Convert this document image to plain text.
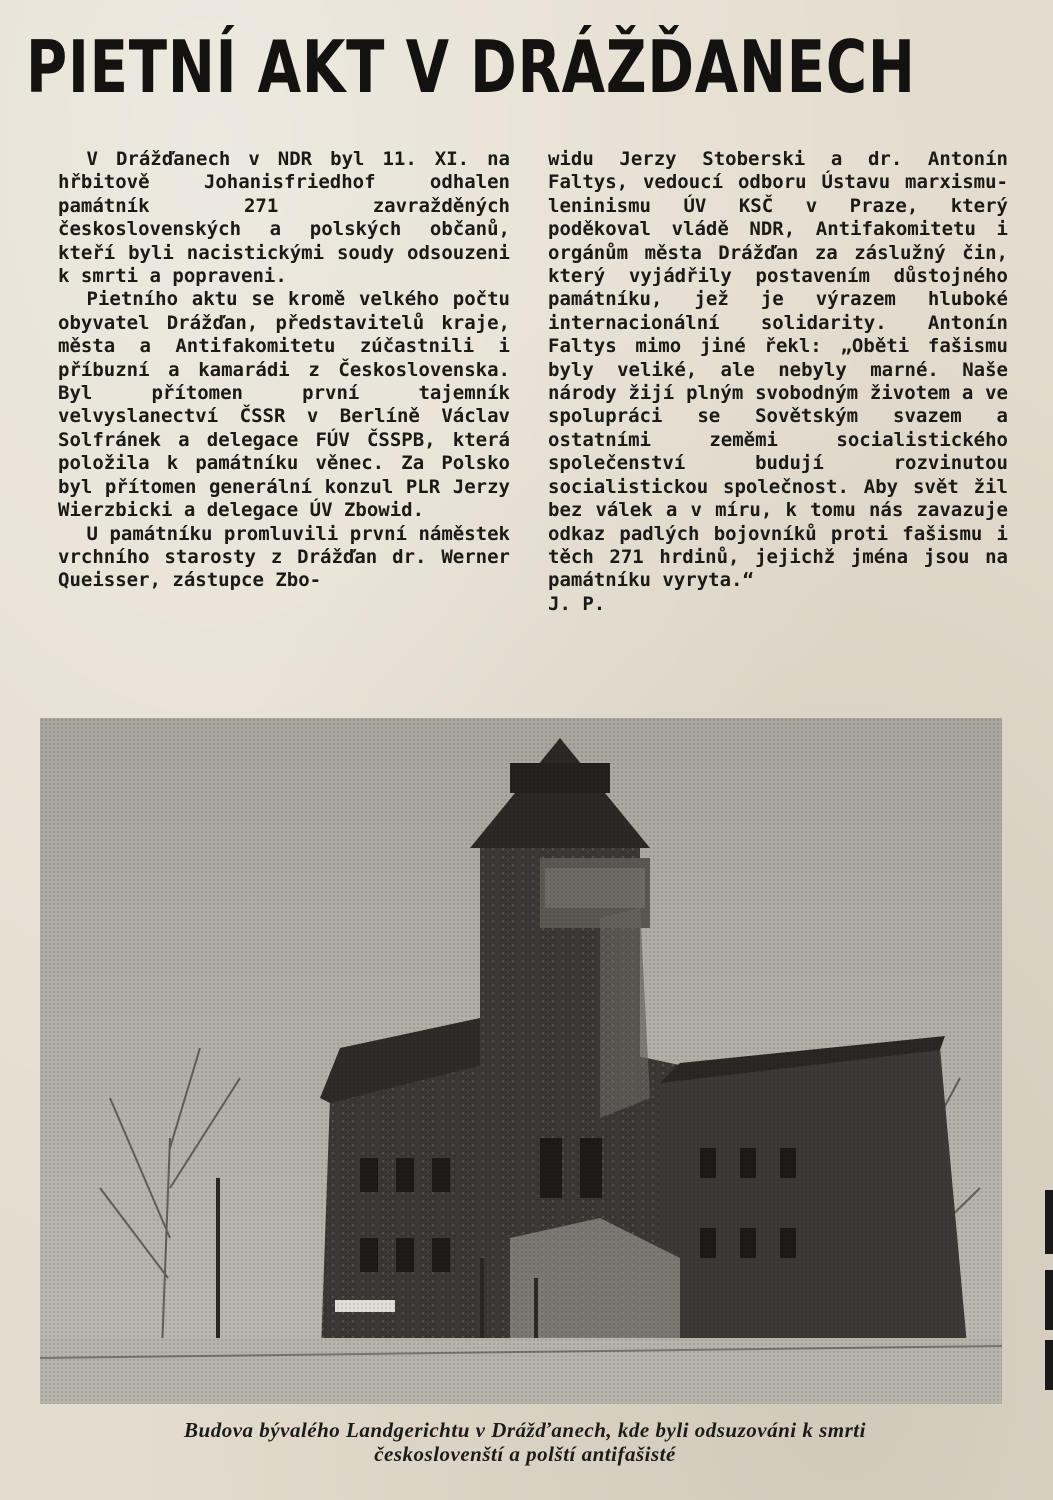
PIETNÍ AKT V DRÁŽĎANECH

V Drážďanech v NDR byl 11. XI. na hřbitově Johanisfriedhof odhalen památník 271 zavražděných československých a polských občanů, kteří byli nacistickými soudy odsouzeni k smrti a popraveni.

Pietního aktu se kromě velkého počtu obyvatel Drážďan, představitelů kraje, města a Antifakomitetu zúčastnili i příbuzní a kamarádi z Československa. Byl přítomen první tajemník velvyslanectví ČSSR v Berlíně Václav Solfránek a delegace FÚV ČSSPB, která položila k památníku věnec. Za Polsko byl přítomen generální konzul PLR Jerzy Wierzbicki a delegace ÚV Zbowid.

U památníku promluvili první náměstek vrchního starosty z Drážďan dr. Werner Queisser, zástupce Zbo-

widu Jerzy Stoberski a dr. Antonín Faltys, vedoucí odboru Ústavu marxismu-leninismu ÚV KSČ v Praze, který poděkoval vládě NDR, Antifakomitetu i orgánům města Drážďan za záslužný čin, který vyjádřily postavením důstojného památníku, jež je výrazem hluboké internacionální solidarity. Antonín Faltys mimo jiné řekl: „Oběti fašismu byly veliké, ale nebyly marné. Naše národy žijí plným svobodným životem a ve spolupráci se Sovětským svazem a ostatními zeměmi socialistického společenství budují rozvinutou socialistickou společnost. Aby svět žil bez válek a v míru, k tomu nás zavazuje odkaz padlých bojovníků proti fašismu i těch 271 hrdinů, jejichž jména jsou na památníku vyryta.“

J. P.

Budova bývalého Landgerichtu v Drážďanech, kde byli odsuzováni k smrti
českoslovenští a polští antifašisté
